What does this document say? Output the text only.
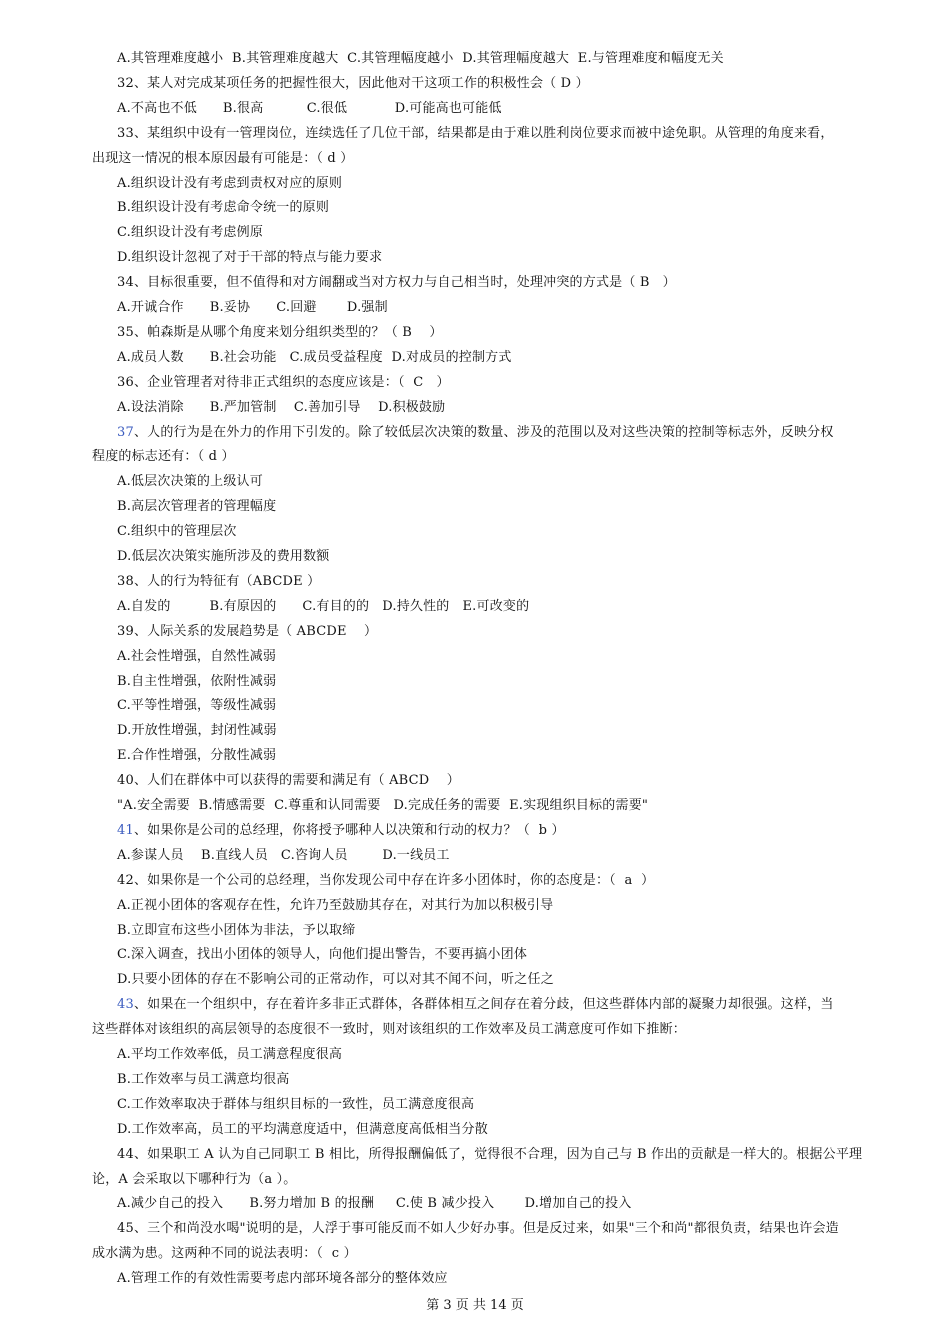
A.其管理难度越小  B.其管理难度越大  C.其管理幅度越小  D.其管理幅度越大  E.与管理难度和幅度无关
32、某人对完成某项任务的把握性很大，因此他对干这项工作的积极性会（ D ）
A.不高也不低      B.很高          C.很低           D.可能高也可能低
33、某组织中设有一管理岗位，连续选任了几位干部，结果都是由于难以胜利岗位要求而被中途免职。从管理的角度来看，
出现这一情况的根本原因最有可能是：（ d ）
A.组织设计没有考虑到责权对应的原则
B.组织设计没有考虑命令统一的原则
C.组织设计没有考虑例原
D.组织设计忽视了对于干部的特点与能力要求
34、目标很重要，但不值得和对方闹翻或当对方权力与自己相当时，处理冲突的方式是（ B   ）
A.开诚合作      B.妥协      C.回避       D.强制
35、帕森斯是从哪个角度来划分组织类型的？（ B    ）
A.成员人数      B.社会功能   C.成员受益程度  D.对成员的控制方式
36、企业管理者对待非正式组织的态度应该是：（  C   ）
A.设法消除      B.严加管制    C.善加引导    D.积极鼓励
37、人的行为是在外力的作用下引发的。除了较低层次决策的数量、涉及的范围以及对这些决策的控制等标志外，反映分权
程度的标志还有：（ d ）
A.低层次决策的上级认可
B.高层次管理者的管理幅度
C.组织中的管理层次
D.低层次决策实施所涉及的费用数额
38、人的行为特征有（ABCDE ）
A.自发的         B.有原因的      C.有目的的   D.持久性的   E.可改变的
39、人际关系的发展趋势是（ ABCDE    ）
A.社会性增强，自然性减弱
B.自主性增强，依附性减弱
C.平等性增强，等级性减弱
D.开放性增强，封闭性减弱
E.合作性增强，分散性减弱
40、人们在群体中可以获得的需要和满足有（ ABCD    ）
"A.安全需要  B.情感需要  C.尊重和认同需要   D.完成任务的需要  E.实现组织目标的需要"
41、如果你是公司的总经理，你将授予哪种人以决策和行动的权力？（  b ）
A.参谋人员    B.直线人员   C.咨询人员        D.一线员工
42、如果你是一个公司的总经理，当你发现公司中存在许多小团体时，你的态度是：（  a  ）
A.正视小团体的客观存在性，允许乃至鼓励其存在，对其行为加以积极引导
B.立即宣布这些小团体为非法，予以取缔
C.深入调查，找出小团体的领导人，向他们提出警告，不要再搞小团体
D.只要小团体的存在不影响公司的正常动作，可以对其不闻不问，听之任之
43、如果在一个组织中，存在着许多非正式群体，各群体相互之间存在着分歧，但这些群体内部的凝聚力却很强。这样，当
这些群体对该组织的高层领导的态度很不一致时，则对该组织的工作效率及员工满意度可作如下推断：
A.平均工作效率低，员工满意程度很高
B.工作效率与员工满意均很高
C.工作效率取决于群体与组织目标的一致性，员工满意度很高
D.工作效率高，员工的平均满意度适中，但满意度高低相当分散
44、如果职工 A 认为自己同职工 B 相比，所得报酬偏低了，觉得很不合理，因为自己与 B 作出的贡献是一样大的。根据公平理
论，A 会采取以下哪种行为（a ）。
A.减少自己的投入      B.努力增加 B 的报酬     C.使 B 减少投入       D.增加自己的投入
45、三个和尚没水喝"说明的是，人浮于事可能反而不如人少好办事。但是反过来，如果"三个和尚"都很负责，结果也许会造
成水满为患。这两种不同的说法表明：（  c ）
A.管理工作的有效性需要考虑内部环境各部分的整体效应
第 3 页 共 14 页
